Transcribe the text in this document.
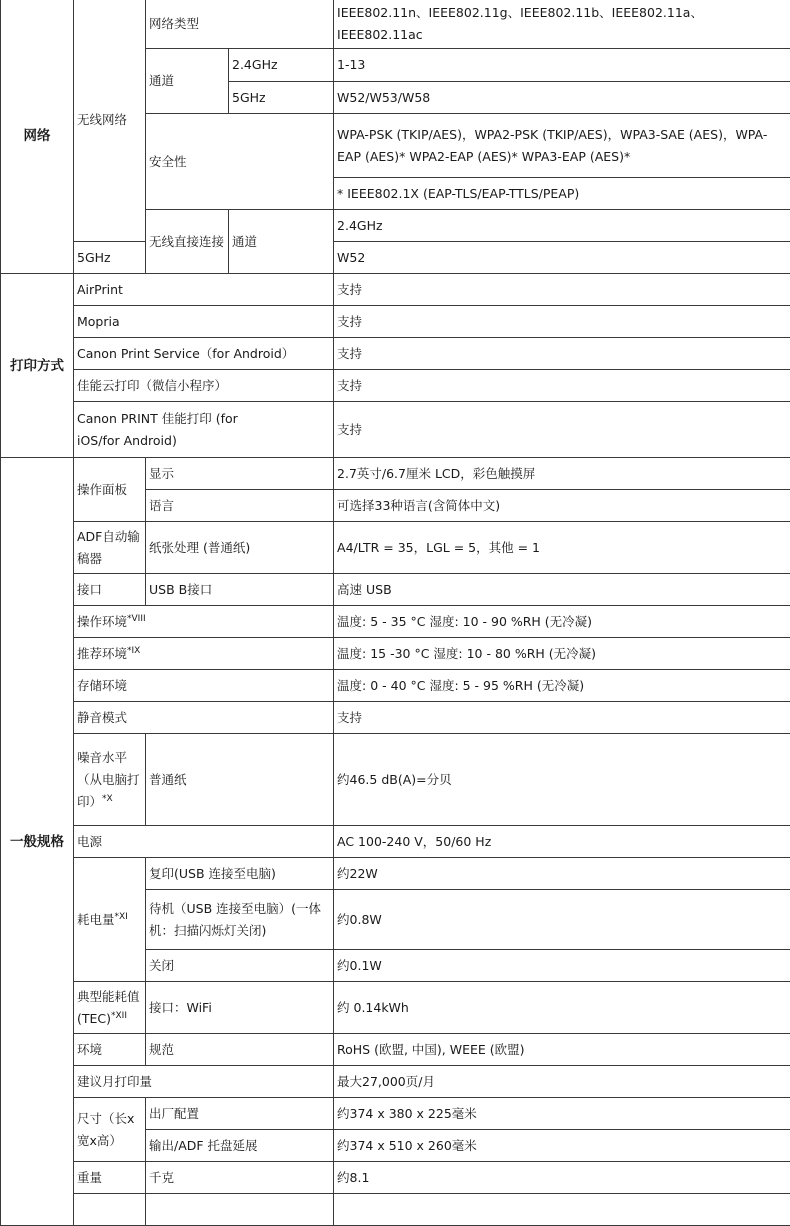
网络	无线网络	网络类型		IEEE802.11n、IEEE802.11g、IEEE802.11b、IEEE802.11a、IEEE802.11ac	
		通道	2.4GHz	1-13	
			5GHz	W52/W53/W58	
		安全性		WPA-PSK (TKIP/AES)，WPA2-PSK (TKIP/AES)，WPA3-SAE (AES)，WPA-EAP (AES)* WPA2-EAP (AES)* WPA3-EAP (AES)*	
				* IEEE802.1X (EAP-TLS/EAP-TTLS/PEAP)	
		无线直接连接	通道	2.4GHz	
	5GHz			W52	

打印方式	AirPrint			支持	
	Mopria			支持	
	Canon Print Service（for Android）			支持	
	佳能云打印（微信小程序）			支持	
	Canon PRINT 佳能打印 (for iOS/for Android)			支持	
一般规格	操作面板	显示		2.7英寸/6.7厘米 LCD，彩色触摸屏	
		语言		可选择33种语言(含简体中文)	
	ADF自动输稿器	纸张处理 (普通纸)		A4/LTR = 35，LGL = 5，其他 = 1	
	接口	USB B接口		高速 USB	
	操作环境$^{*VIII}$			温度: 5 - 35 °C 湿度: 10 - 90 %RH (无冷凝)	
	推荐环境$^{*IX}$			温度: 15 -30 °C 湿度: 10 - 80 %RH (无冷凝)	
	存储环境			温度: 0 - 40 °C 湿度: 5 - 95 %RH (无冷凝)	
	静音模式			支持	
	噪音水平（从电脑打印）$^{*X}$	普通纸		约46.5 dB(A)=分贝	
	电源			AC 100-240 V，50/60 Hz	
	耗电量$^{*XI}$	复印(USB 连接至电脑)		约22W	
		待机（USB 连接至电脑）(一体机：扫描闪烁灯关闭)		约0.8W	
		关闭		约0.1W	
	典型能耗值(TEC)$^{*XII}$	接口：WiFi		约 0.14kWh	
	环境	规范		RoHS (欧盟, 中国), WEEE (欧盟)	
	建议月打印量			最大27,000页/月	
	尺寸（长x宽x高）	出厂配置		约374 x 380 x 225毫米	
		输出/ADF 托盘延展		约374 x 510 x 260毫米	
	重量	千克		约8.1	
